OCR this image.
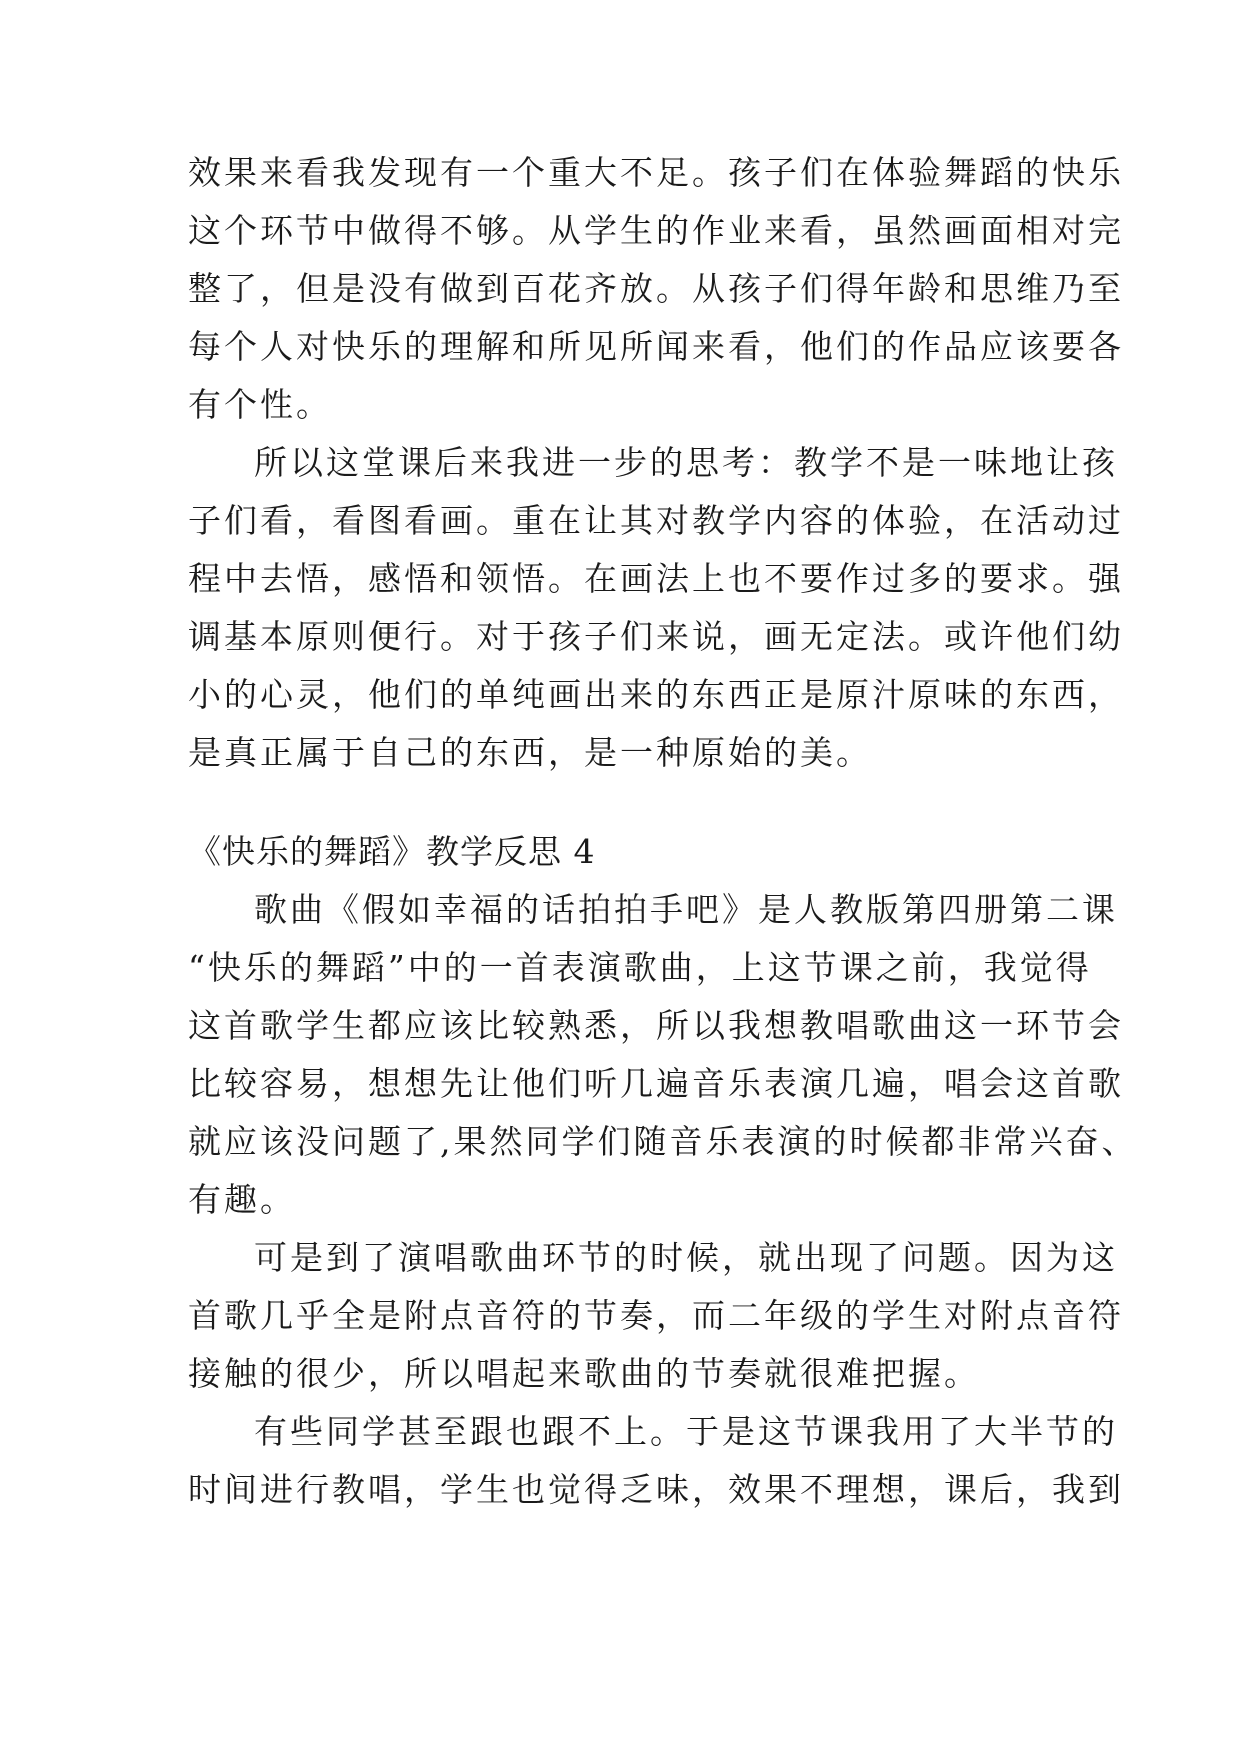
效果来看我发现有一个重大不足。孩子们在体验舞蹈的快乐
这个环节中做得不够。从学生的作业来看，虽然画面相对完
整了，但是没有做到百花齐放。从孩子们得年龄和思维乃至
每个人对快乐的理解和所见所闻来看，他们的作品应该要各
有个性。
所以这堂课后来我进一步的思考：教学不是一味地让孩
子们看，看图看画。重在让其对教学内容的体验，在活动过
程中去悟，感悟和领悟。在画法上也不要作过多的要求。强
调基本原则便行。对于孩子们来说，画无定法。或许他们幼
小的心灵，他们的单纯画出来的东西正是原汁原味的东西，
是真正属于自己的东西，是一种原始的美。
《快乐的舞蹈》教学反思 4
歌曲《假如幸福的话拍拍手吧》是人教版第四册第二课
“快乐的舞蹈”中的一首表演歌曲，上这节课之前，我觉得
这首歌学生都应该比较熟悉，所以我想教唱歌曲这一环节会
比较容易，想想先让他们听几遍音乐表演几遍，唱会这首歌
就应该没问题了,果然同学们随音乐表演的时候都非常兴奋、
有趣。
可是到了演唱歌曲环节的时候，就出现了问题。因为这
首歌几乎全是附点音符的节奏，而二年级的学生对附点音符
接触的很少，所以唱起来歌曲的节奏就很难把握。
有些同学甚至跟也跟不上。于是这节课我用了大半节的
时间进行教唱，学生也觉得乏味，效果不理想，课后，我到
